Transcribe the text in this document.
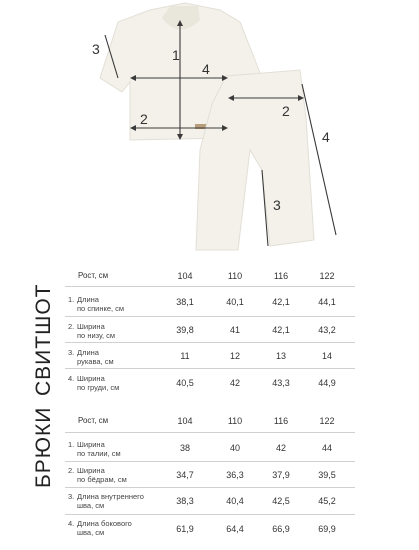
1
2
3
4
2
3
4
СВИТШОТ
Рост, см	104	110	116	122
1. Длина
по спинке, см
38,1	40,1	42,1	44,1
2. Ширина
по низу, см
39,8	41	42,1	43,2
3. Длина
рукава, см
11	12	13	14
4. Ширина
по груди, см	40,5	42	43,3	44,9
БРЮКИ	Рост, см	104	110	116	122
1. Ширина
по талии, см
38	40	42	44
2. Ширина
по бёдрам, см	34,7	36,3	37,9	39,5
3. Длина внутреннего
шва, см	38,3	40,4	42,5	45,2
4. Длина бокового
шва, см	61,9	64,4	66,9	69,9
